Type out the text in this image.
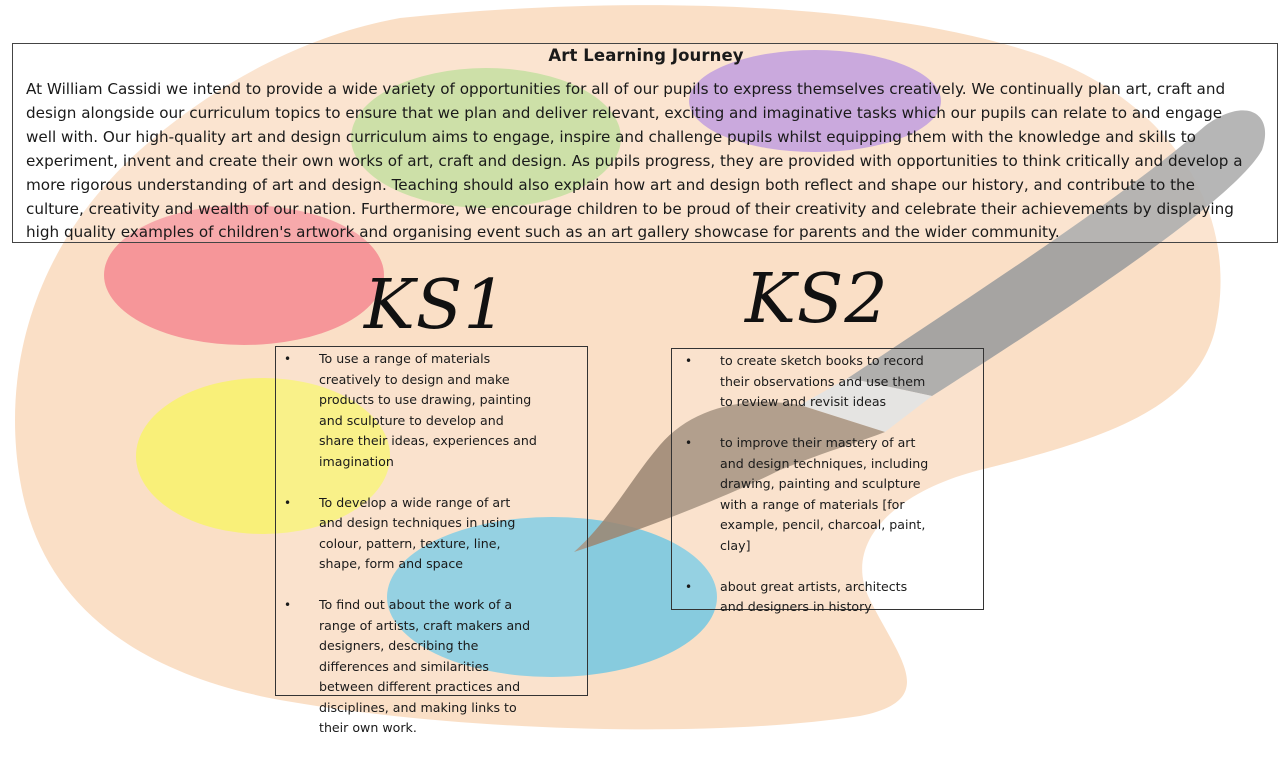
Art Learning Journey

At William Cassidi we intend to provide a wide variety of opportunities for all of our pupils to express themselves creatively. We continually plan art, craft and design alongside our curriculum topics to ensure that we plan and deliver relevant, exciting and imaginative tasks which our pupils can relate to and engage well with. Our high-quality art and design curriculum aims to engage, inspire and challenge pupils whilst equipping them with the knowledge and skills to experiment, invent and create their own works of art, craft and design. As pupils progress, they are provided with opportunities to think critically and develop a more rigorous understanding of art and design. Teaching should also explain how art and design both reflect and shape our history, and contribute to the culture, creativity and wealth of our nation. Furthermore, we encourage children to be proud of their creativity and celebrate their achievements by displaying high quality examples of children's artwork and organising event such as an art gallery showcase for parents and the wider community.

KS1	KS2
• To use a range of materials creatively to design and make products to use drawing, painting and sculpture to develop and share their ideas, experiences and imagination
• To develop a wide range of art and design techniques in using colour, pattern, texture, line, shape, form and space
• To find out about the work of a range of artists, craft makers and designers, describing the differences and similarities between different practices and disciplines, and making links to their own work.
• to create sketch books to record their observations and use them to review and revisit ideas
• to improve their mastery of art and design techniques, including drawing, painting and sculpture with a range of materials [for example, pencil, charcoal, paint, clay]
• about great artists, architects and designers in history
